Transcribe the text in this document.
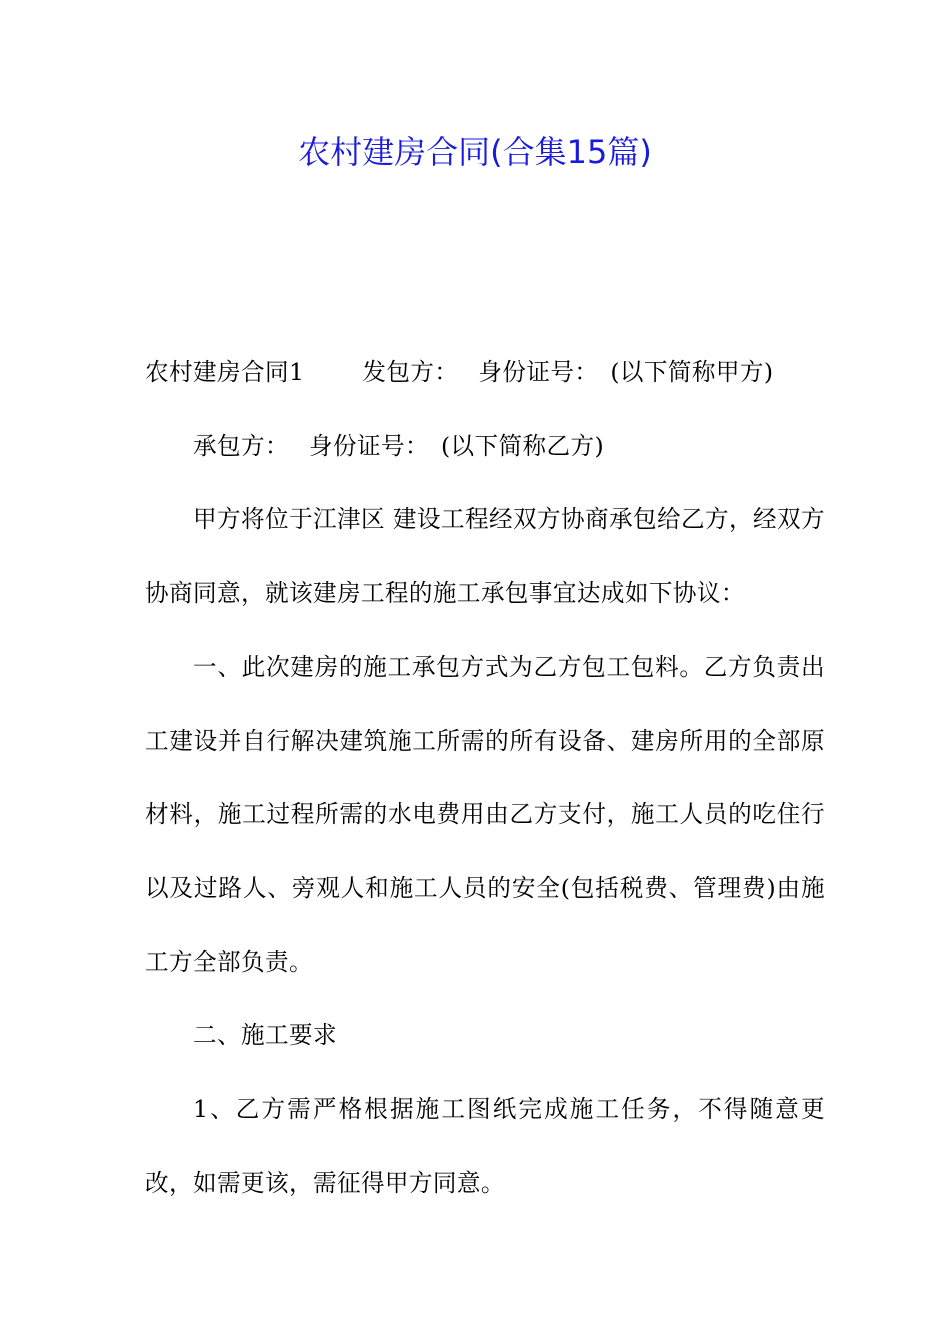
农村建房合同(合集15篇)

农村建房合同1 发包方： 身份证号： (以下简称甲方)

承包方： 身份证号： (以下简称乙方)

甲方将位于江津区 建设工程经双方协商承包给乙方，经双方协商同意，就该建房工程的施工承包事宜达成如下协议：

一、此次建房的施工承包方式为乙方包工包料。乙方负责出工建设并自行解决建筑施工所需的所有设备、建房所用的全部原材料，施工过程所需的水电费用由乙方支付，施工人员的吃住行以及过路人、旁观人和施工人员的安全(包括税费、管理费)由施工方全部负责。

二、施工要求

1、乙方需严格根据施工图纸完成施工任务，不得随意更改，如需更该，需征得甲方同意。
